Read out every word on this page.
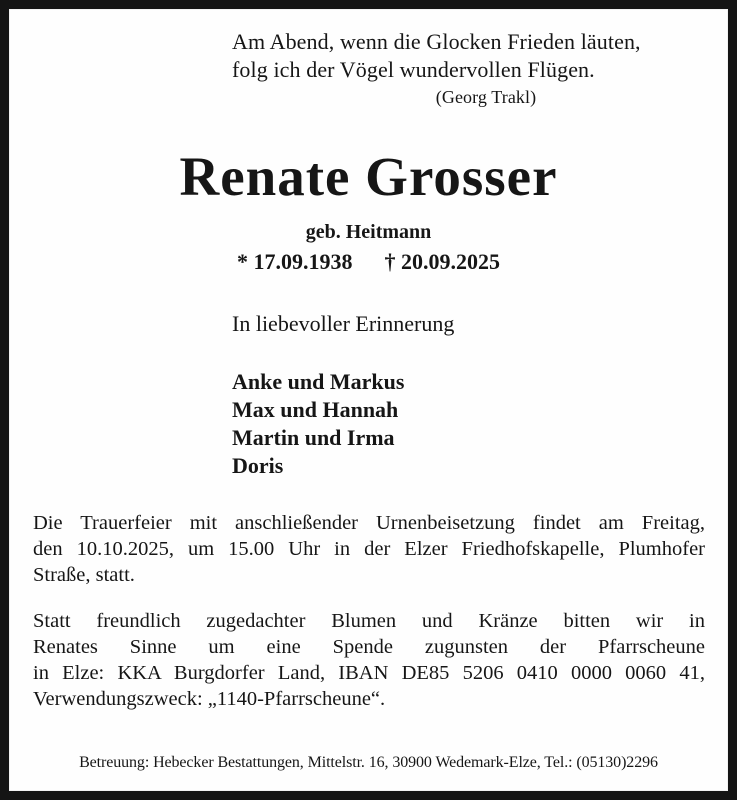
Am Abend, wenn die Glocken Frieden läuten,
folg ich der Vögel wundervollen Flügen.
(Georg Trakl)
Renate Grosser
geb. Heitmann
* 17.09.1938 † 20.09.2025
In liebevoller Erinnerung
Anke und Markus
Max und Hannah
Martin und Irma
Doris
Die Trauerfeier mit anschließender Urnenbeisetzung findet am Freitag,
den 10.10.2025, um 15.00 Uhr in der Elzer Friedhofskapelle, Plumhofer
Straße, statt.
Statt freundlich zugedachter Blumen und Kränze bitten wir in
Renates Sinne um eine Spende zugunsten der Pfarrscheune
in Elze: KKA Burgdorfer Land, IBAN DE85 5206 0410 0000 0060 41,
Verwendungszweck: „1140-Pfarrscheune“.
Betreuung: Hebecker Bestattungen, Mittelstr. 16, 30900 Wedemark-Elze, Tel.: (05130)2296
